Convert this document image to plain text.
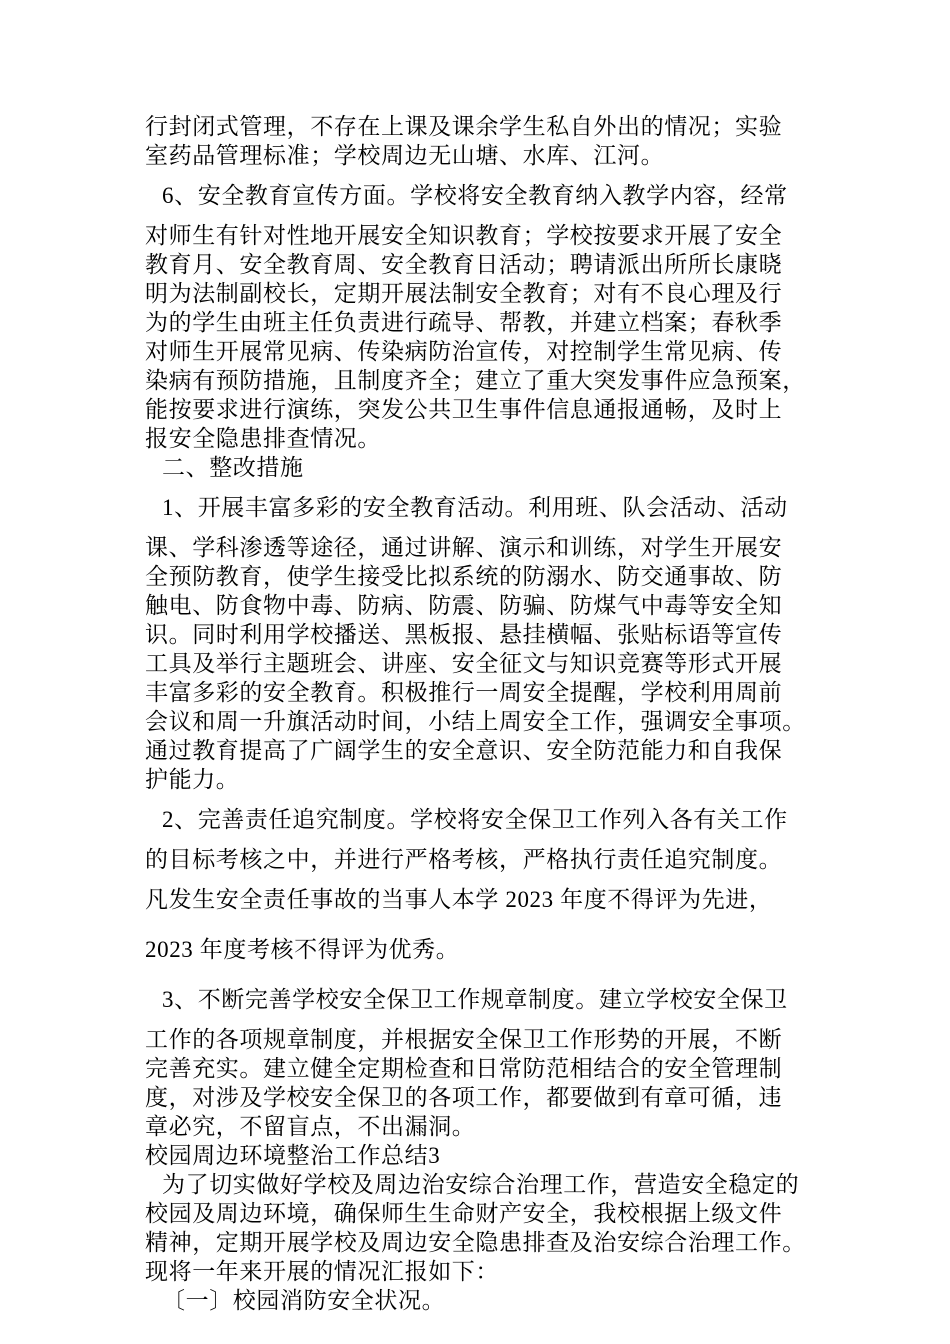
行封闭式管理，不存在上课及课余学生私自外出的情况；实验
室药品管理标准；学校周边无山塘、水库、江河。
6、安全教育宣传方面。学校将安全教育纳入教学内容，经常
对师生有针对性地开展安全知识教育；学校按要求开展了安全
教育月、安全教育周、安全教育日活动；聘请派出所所长康晓
明为法制副校长，定期开展法制安全教育；对有不良心理及行
为的学生由班主任负责进行疏导、帮教，并建立档案；春秋季
对师生开展常见病、传染病防治宣传，对控制学生常见病、传
染病有预防措施，且制度齐全；建立了重大突发事件应急预案，
能按要求进行演练，突发公共卫生事件信息通报通畅，及时上
报安全隐患排查情况。
二、整改措施
1、开展丰富多彩的安全教育活动。利用班、队会活动、活动
课、学科渗透等途径，通过讲解、演示和训练，对学生开展安
全预防教育，使学生接受比拟系统的防溺水、防交通事故、防
触电、防食物中毒、防病、防震、防骗、防煤气中毒等安全知
识。同时利用学校播送、黑板报、悬挂横幅、张贴标语等宣传
工具及举行主题班会、讲座、安全征文与知识竞赛等形式开展
丰富多彩的安全教育。积极推行一周安全提醒，学校利用周前
会议和周一升旗活动时间，小结上周安全工作，强调安全事项。
通过教育提高了广阔学生的安全意识、安全防范能力和自我保
护能力。
2、完善责任追究制度。学校将安全保卫工作列入各有关工作
的目标考核之中，并进行严格考核，严格执行责任追究制度。
凡发生安全责任事故的当事人本学 2023 年度不得评为先进，
2023 年度考核不得评为优秀。
3、不断完善学校安全保卫工作规章制度。建立学校安全保卫
工作的各项规章制度，并根据安全保卫工作形势的开展，不断
完善充实。建立健全定期检查和日常防范相结合的安全管理制
度，对涉及学校安全保卫的各项工作，都要做到有章可循，违
章必究，不留盲点，不出漏洞。
校园周边环境整治工作总结3
为了切实做好学校及周边治安综合治理工作，营造安全稳定的
校园及周边环境，确保师生生命财产安全，我校根据上级文件
精神，定期开展学校及周边安全隐患排查及治安综合治理工作。
现将一年来开展的情况汇报如下：
〔一〕校园消防安全状况。
